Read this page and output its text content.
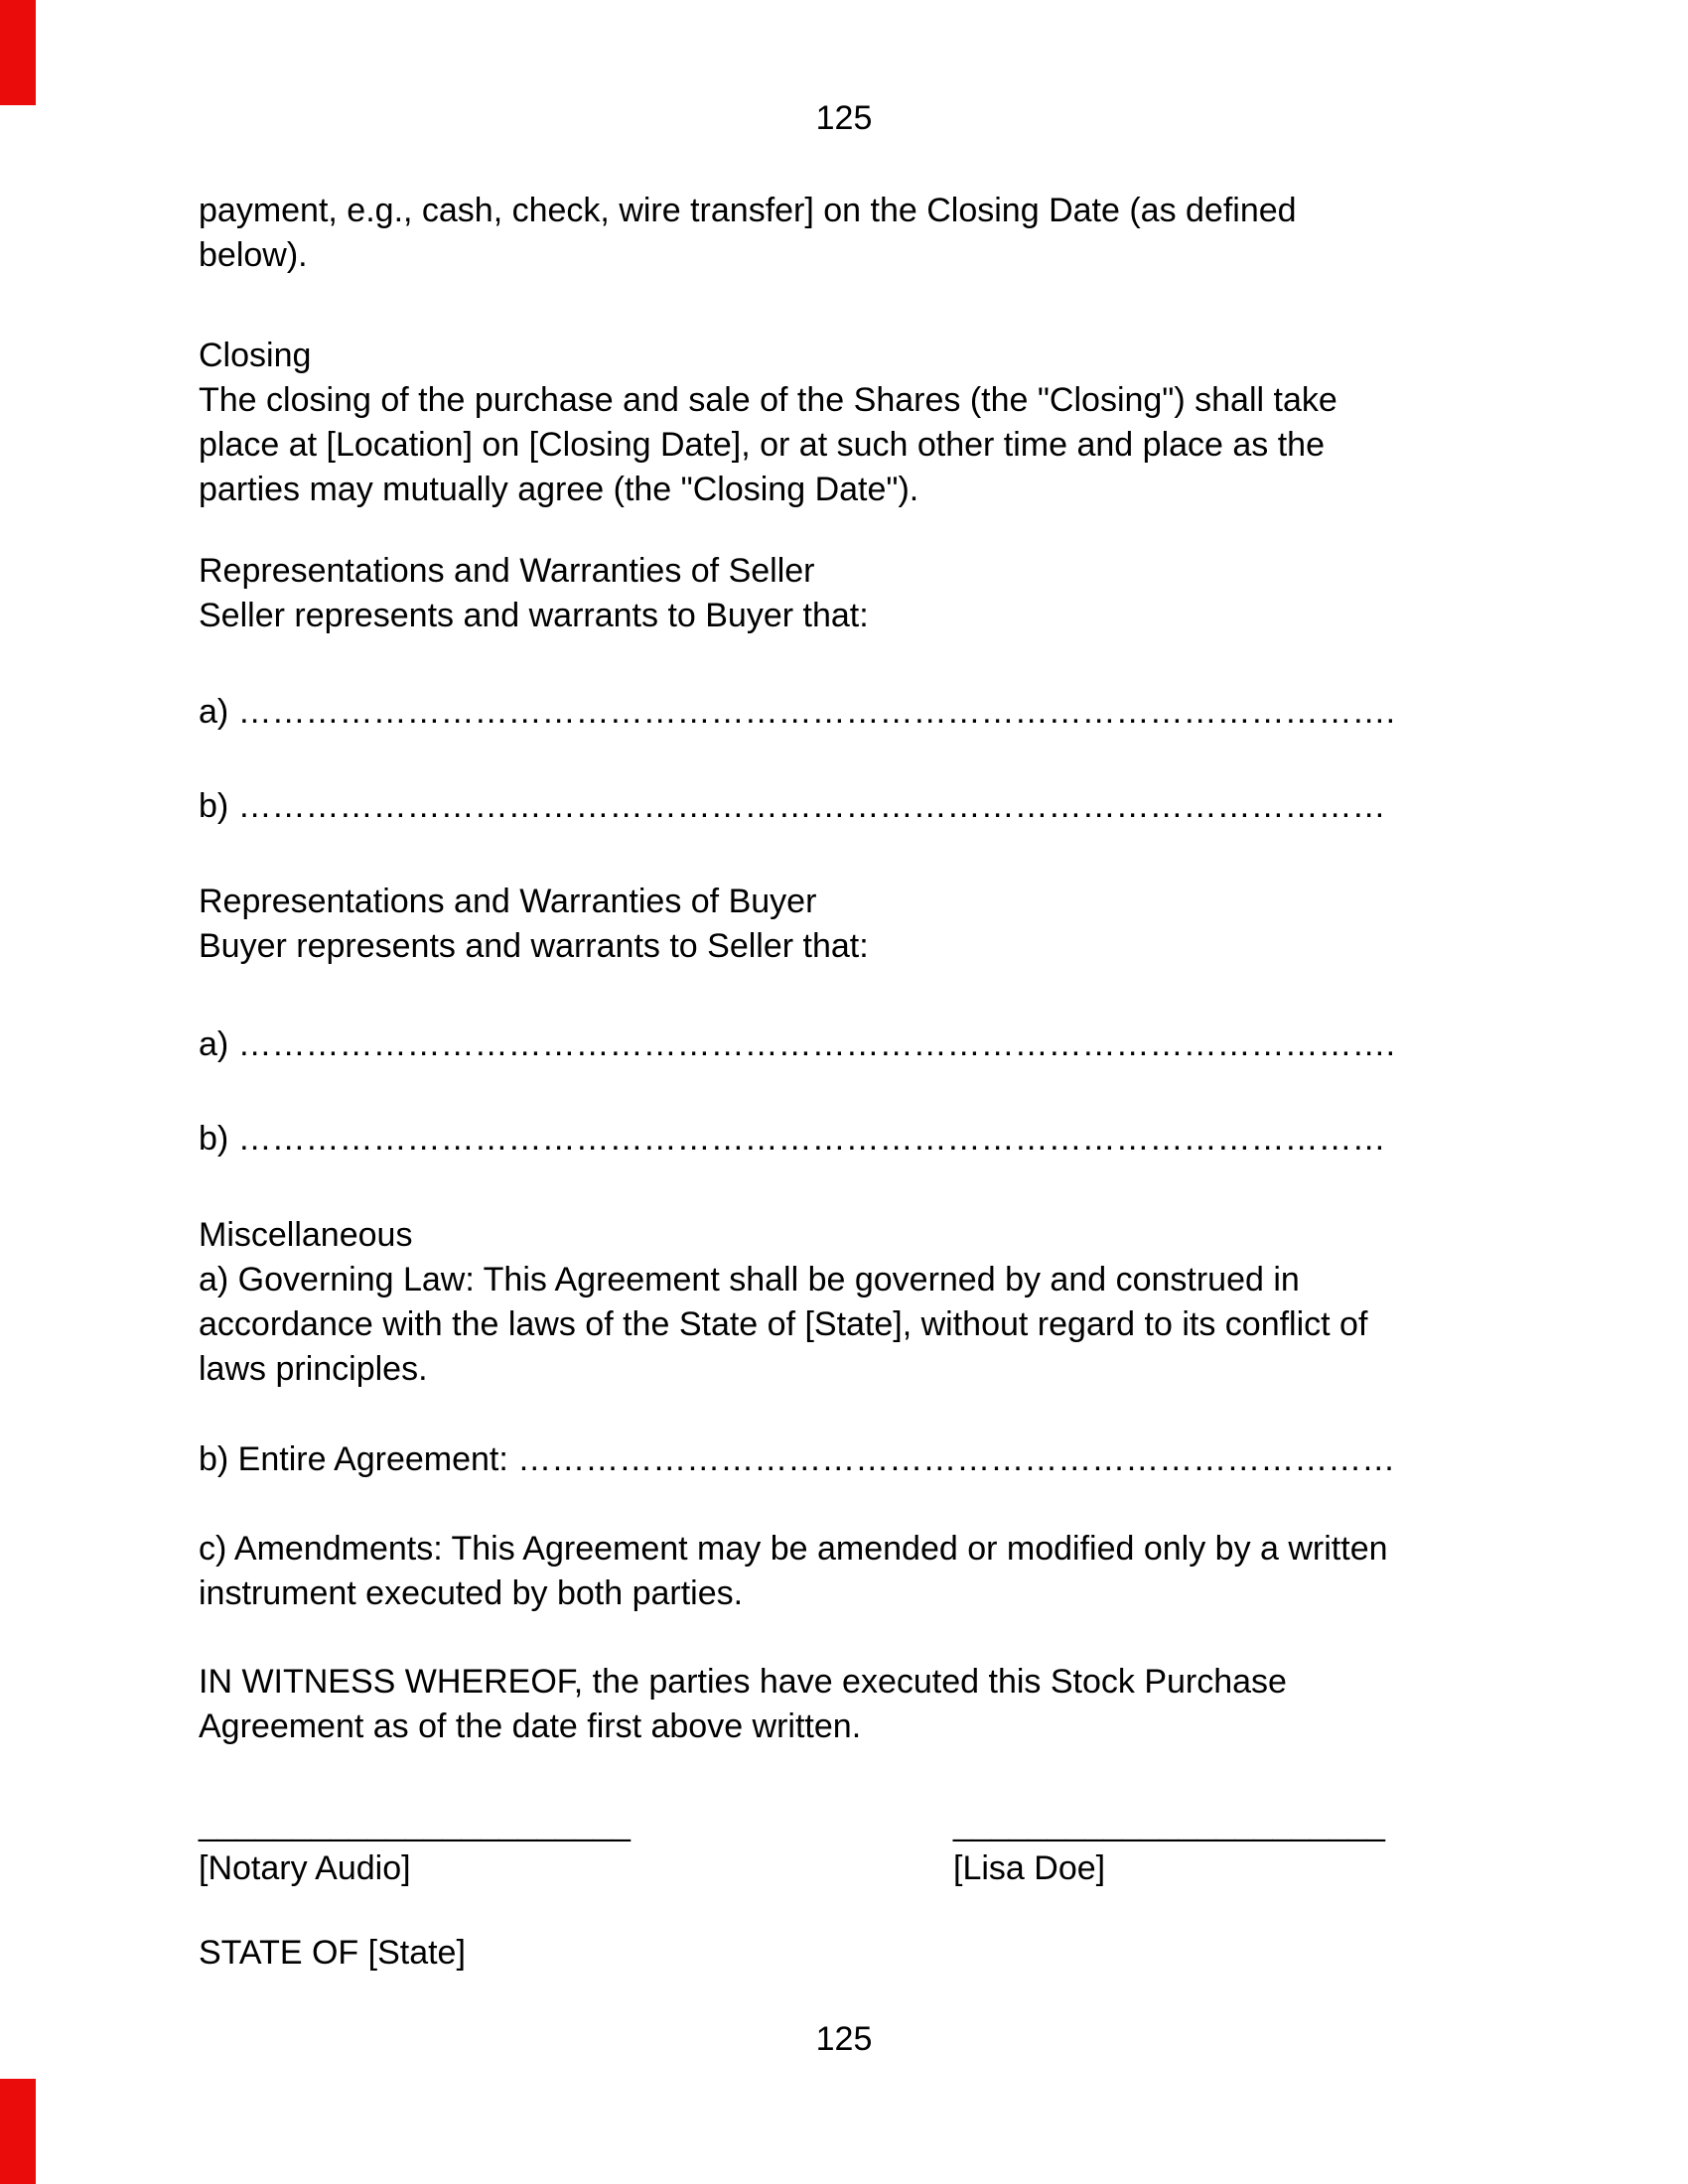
125
payment, e.g., cash, check, wire transfer] on the Closing Date (as defined
below).
Closing
The closing of the purchase and sale of the Shares (the "Closing") shall take
place at [Location] on [Closing Date], or at such other time and place as the
parties may mutually agree (the "Closing Date").
Representations and Warranties of Seller
Seller represents and warrants to Buyer that:
a) ………………………………………………………………………………………….
b) …………………………………………………………………………………………
Representations and Warranties of Buyer
Buyer represents and warrants to Seller that:
a) ………………………………………………………………………………………….
b) …………………………………………………………………………………………
Miscellaneous
a) Governing Law: This Agreement shall be governed by and construed in
accordance with the laws of the State of [State], without regard to its conflict of
laws principles.
b) Entire Agreement: ……………………………………………………………………
c) Amendments: This Agreement may be amended or modified only by a written
instrument executed by both parties.
IN WITNESS WHEREOF, the parties have executed this Stock Purchase
Agreement as of the date first above written.
_______________________	_______________________
[Notary Audio]	[Lisa Doe]
STATE OF [State]
125
